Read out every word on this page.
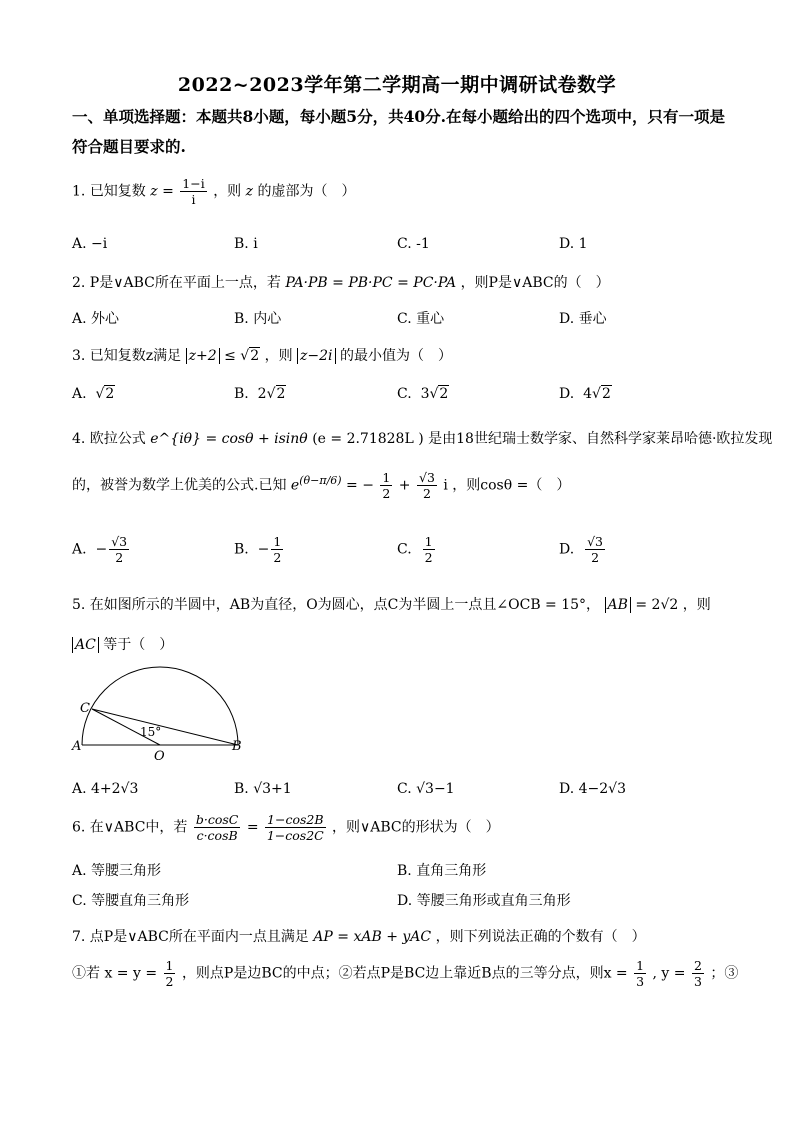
2022~2023学年第二学期高一期中调研试卷数学
一、单项选择题：本题共8小题，每小题5分，共40分.在每小题给出的四个选项中，只有一项是符合题目要求的.
1. 已知复数 $z = \frac{1-i}{i}$ ，则 z 的虚部为（　）
A. −i	B. i	C. -1	D. 1
2. P是∨ABC所在平面上一点，若 PA·PB = PB·PC = PC·PA ，则P是∨ABC的（　）
A. 外心	B. 内心	C. 重心	D. 垂心
3. 已知复数z满足 z+2 ≤ √2 ，则 z−2i 的最小值为（　）
A. √2	B. 2√2	C. 3√2	D. 4√2
4. 欧拉公式 e^{iθ} = cosθ + isinθ (e = 2.71828L ) 是由18世纪瑞士数学家、自然科学家莱昂哈德·欧拉发现
的，被誉为数学上优美的公式.已知 $e^{(\theta-\pi/6)}$ = − $\frac{1}{2} + \frac{√3}{2}$ i ，则cosθ =（　）
A. − $\frac{√3}{2}$	B. − $\frac{1}{2}$	C. $\frac{1}{2}$	D. $\frac{√3}{2}$
5. 在如图所示的半圆中，AB为直径，O为圆心，点C为半圆上一点且∠OCB = 15°， AB = 2√2 ，则
AC 等于（　）
C
A
O
B
15°
A. 4+2√3	B. √3+1	C. √3−1	D. 4−2√3
6. 在∨ABC中，若 $\frac{b\cdot\cos C}{c\cdot\cos B} = \frac{1-\cos 2B}{1-\cos 2C}$ ，则∨ABC的形状为（　）
A. 等腰三角形	B. 直角三角形
C. 等腰直角三角形	D. 等腰三角形或直角三角形
7. 点P是∨ABC所在平面内一点且满足 AP = xAB + yAC ，则下列说法正确的个数有（　）
①若 $x = y = \frac{1}{2}$ ，则点P是边BC的中点；②若点P是BC边上靠近B点的三等分点，则$x = \frac{1}{3}$ , $y = \frac{2}{3}$ ；③
